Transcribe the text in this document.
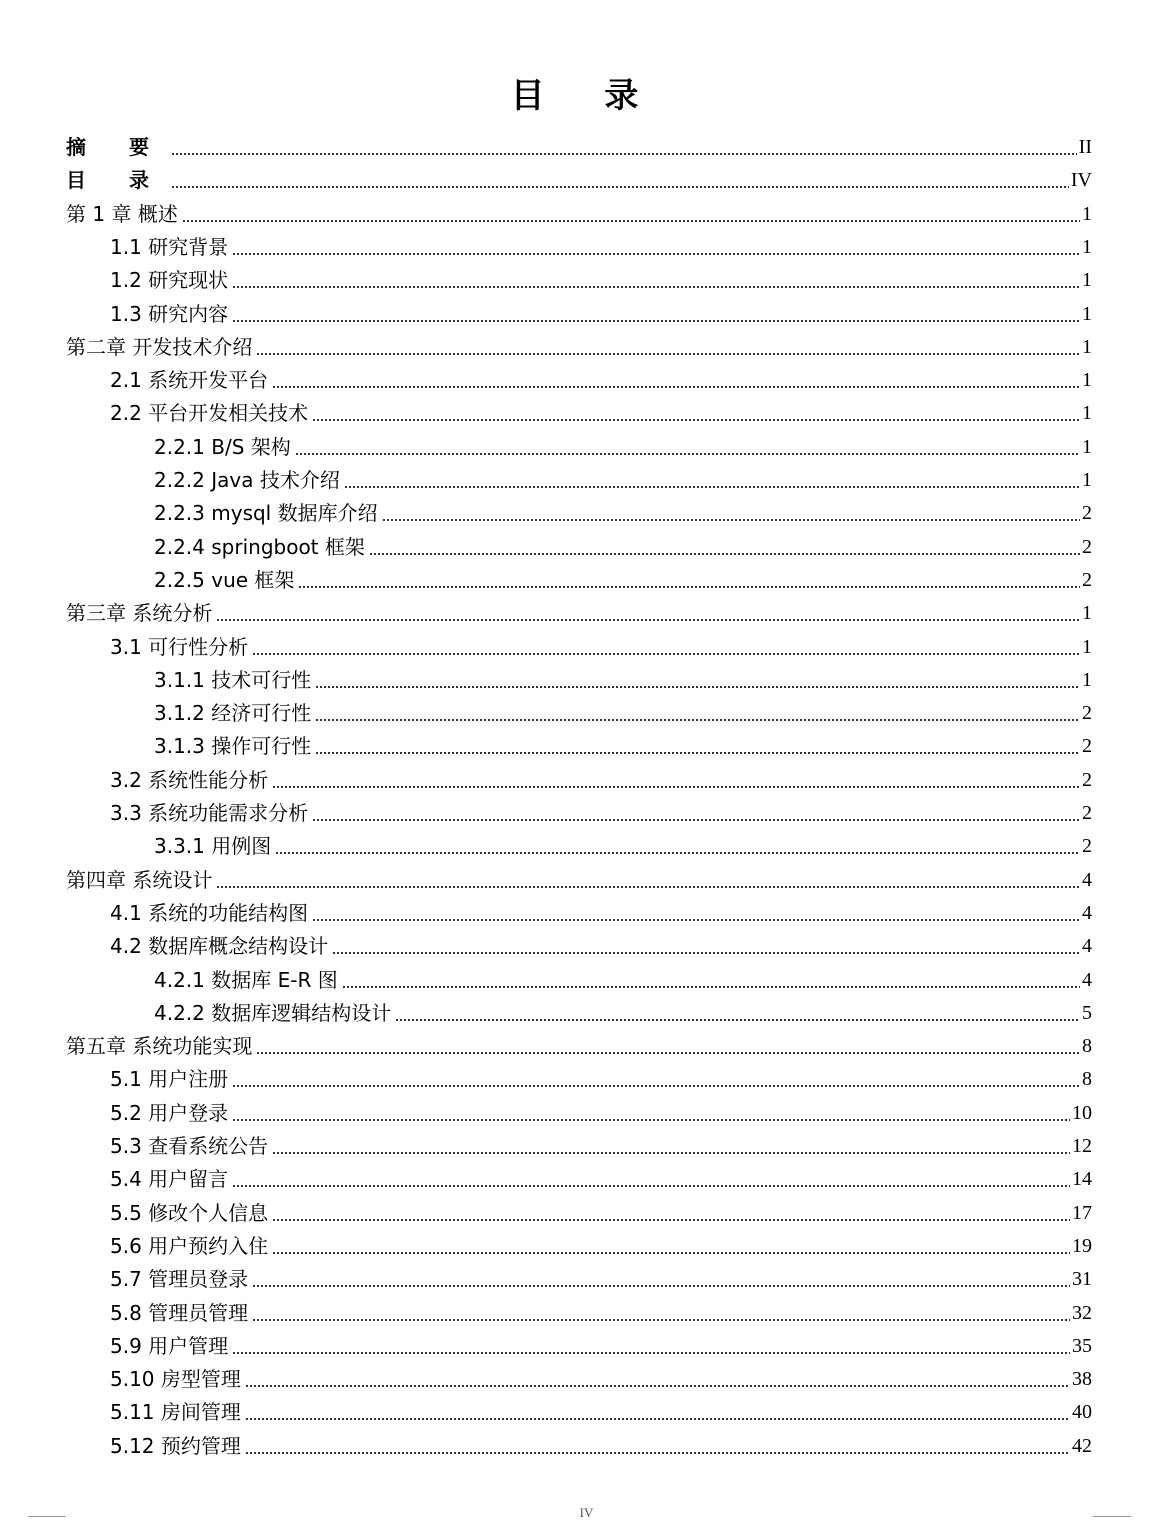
目 录
摘 要	II
目 录	IV
第 1 章 概述	1
1.1 研究背景	1
1.2 研究现状	1
1.3 研究内容	1
第二章 开发技术介绍	1
2.1 系统开发平台	1
2.2 平台开发相关技术	1
2.2.1 B/S 架构	1
2.2.2 Java 技术介绍	1
2.2.3 mysql 数据库介绍	2
2.2.4 springboot 框架	2
2.2.5 vue 框架	2
第三章 系统分析	1
3.1 可行性分析	1
3.1.1 技术可行性	1
3.1.2 经济可行性	2
3.1.3 操作可行性	2
3.2 系统性能分析	2
3.3 系统功能需求分析	2
3.3.1 用例图	2
第四章 系统设计	4
4.1 系统的功能结构图	4
4.2 数据库概念结构设计	4
4.2.1 数据库 E-R 图	4
4.2.2 数据库逻辑结构设计	5
第五章 系统功能实现	8
5.1 用户注册	8
5.2 用户登录	10
5.3 查看系统公告	12
5.4 用户留言	14
5.5 修改个人信息	17
5.6 用户预约入住	19
5.7 管理员登录	31
5.8 管理员管理	32
5.9 用户管理	35
5.10 房型管理	38
5.11 房间管理	40
5.12 预约管理	42
IV
